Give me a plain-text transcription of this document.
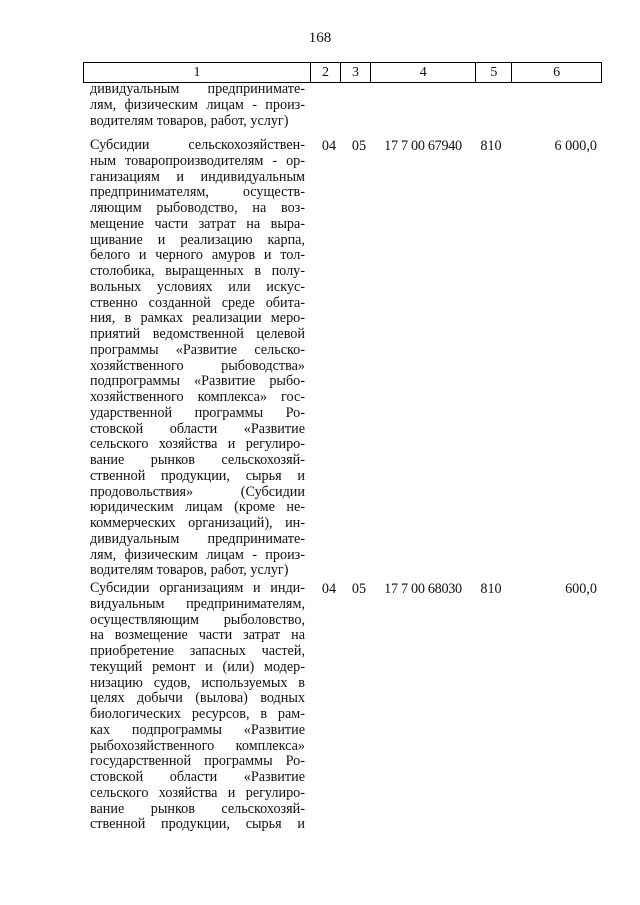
168
1	2	3	4	5	6
дивидуальным предпринимате-
лям, физическим лицам - произ-
водителям товаров, работ, услуг)
Субсидии сельскохозяйствен-
ным товаропроизводителям - ор-
ганизациям и индивидуальным
предпринимателям, осуществ-
ляющим рыбоводство, на воз-
мещение части затрат на выра-
щивание и реализацию карпа,
белого и черного амуров и тол-
столобика, выращенных в полу-
вольных условиях или искус-
ственно созданной среде обита-
ния, в рамках реализации меро-
приятий ведомственной целевой
программы «Развитие сельско-
хозяйственного рыбоводства»
подпрограммы «Развитие рыбо-
хозяйственного комплекса» гос-
ударственной программы Ро-
стовской области «Развитие
сельского хозяйства и регулиро-
вание рынков сельскохозяй-
ственной продукции, сырья и
продовольствия» (Субсидии
юридическим лицам (кроме не-
коммерческих организаций), ин-
дивидуальным предпринимате-
лям, физическим лицам - произ-
водителям товаров, работ, услуг)
04 05	17 7 00 67940	810	6 000,0
Субсидии организациям и инди-
видуальным предпринимателям,
осуществляющим рыболовство,
на возмещение части затрат на
приобретение запасных частей,
текущий ремонт и (или) модер-
низацию судов, используемых в
целях добычи (вылова) водных
биологических ресурсов, в рам-
ках подпрограммы «Развитие
рыбохозяйственного комплекса»
государственной программы Ро-
стовской области «Развитие
сельского хозяйства и регулиро-
вание рынков сельскохозяй-
ственной продукции, сырья и
04 05	17 7 00 68030	810	600,0
